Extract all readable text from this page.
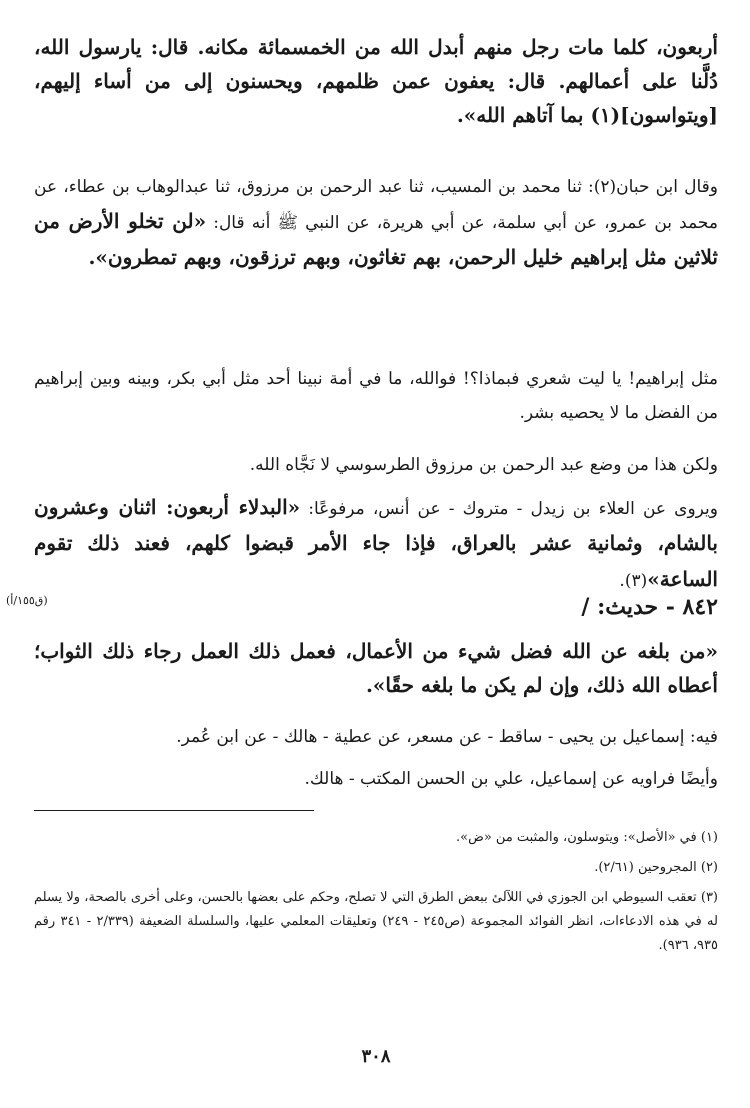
أربعون، كلما مات رجل منهم أبدل الله من الخمسمائة مكانه. قال: يارسول الله، دُلَّنا على أعمالهم. قال: يعفون عمن ظلمهم، ويحسنون إلى من أساء إليهم، [ويتواسون](١) بما آتاهم الله».

وقال ابن حبان(٢): ثنا محمد بن المسيب، ثنا عبد الرحمن بن مرزوق، ثنا عبدالوهاب بن عطاء، عن محمد بن عمرو، عن أبي سلمة، عن أبي هريرة، عن النبي ﷺ أنه قال: «لن تخلو الأرض من ثلاثين مثل إبراهيم خليل الرحمن، بهم تغاثون، وبهم ترزقون، وبهم تمطرون».

مثل إبراهيم! يا ليت شعري فبماذا؟! فوالله، ما في أمة نبينا أحد مثل أبي بكر، وبينه وبين إبراهيم من الفضل ما لا يحصيه بشر.

ولكن هذا من وضع عبد الرحمن بن مرزوق الطرسوسي لا نَجَّاه الله.

ويروى عن العلاء بن زيدل - متروك - عن أنس، مرفوعًا: «البدلاء أربعون: اثنان وعشرون بالشام، وثمانية عشر بالعراق، فإذا جاء الأمر قبضوا كلهم، فعند ذلك تقوم الساعة»(٣).

٨٤٢ - حديث: /
(ق١٥٥/أ)

«من بلغه عن الله فضل شيء من الأعمال، فعمل ذلك العمل رجاء ذلك الثواب؛ أعطاه الله ذلك، وإن لم يكن ما بلغه حقًا».

فيه: إسماعيل بن يحيى - ساقط - عن مسعر، عن عطية - هالك - عن ابن عُمر.

وأيضًا فراويه عن إسماعيل، علي بن الحسن المكتب - هالك.

(١) في «الأصل»: ويتوسلون، والمثبت من «ض».

(٢) المجروحين (٢/٦١).

(٣) تعقب السيوطي ابن الجوزي في اللآلئ ببعض الطرق التي لا تصلح، وحكم على بعضها بالحسن، وعلى أخرى بالصحة، ولا يسلم له في هذه الادعاءات، انظر الفوائد المجموعة (ص٢٤٥ - ٢٤٩) وتعليقات المعلمي عليها، والسلسلة الضعيفة (٢/٣٣٩ - ٣٤١ رقم ٩٣٥، ٩٣٦).

٣٠٨
